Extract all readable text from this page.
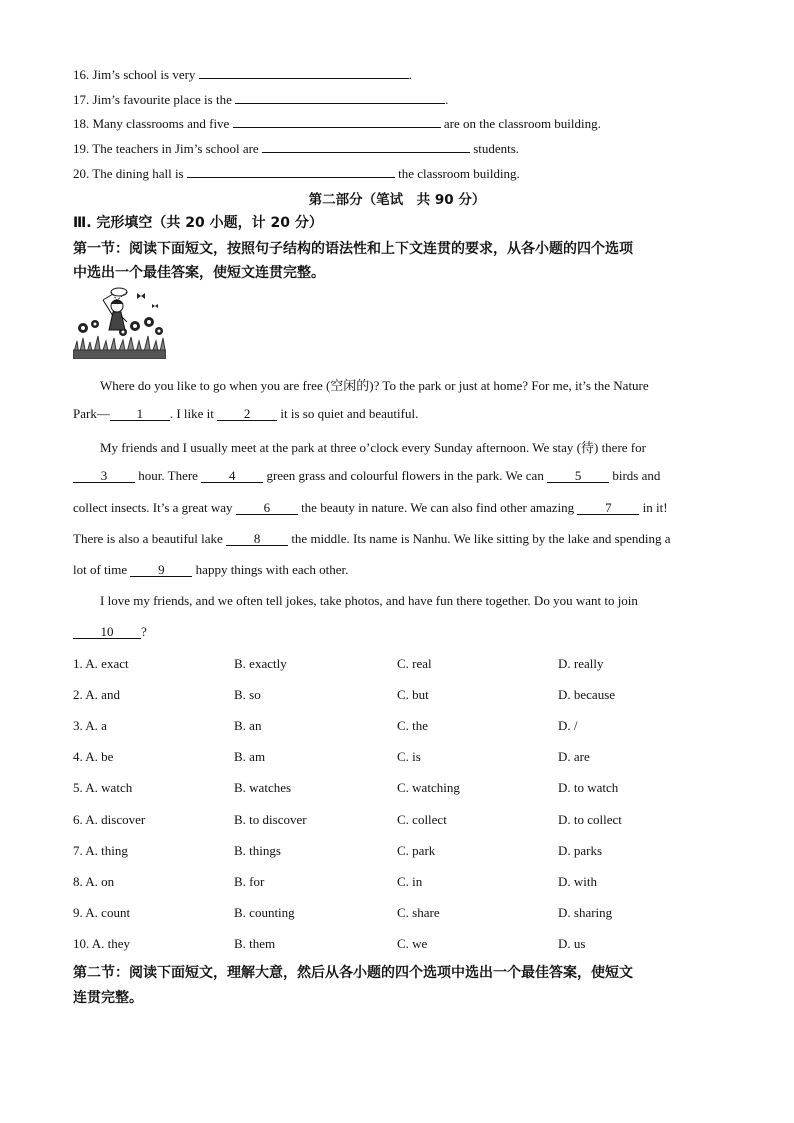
16. Jim’s school is very	.
17. Jim’s favourite place is the	.
18. Many classrooms and five	are on the classroom building.
19. The teachers in Jim’s school are	students.
20. The dining hall is	the classroom building.
第二部分（笔试　共 90 分）
Ⅲ. 完形填空（共 20 小题，计 20 分）
第一节：阅读下面短文，按照句子结构的语法性和上下文连贯的要求，从各小题的四个选项
中选出一个最佳答案，使短文连贯完整。
Where do you like to go when you are free (空闲的)? To the park or just at home? For me, it’s the Nature
Park— 1 . I like it 2 it is so quiet and beautiful.
My friends and I usually meet at the park at three o’clock every Sunday afternoon. We stay (待) there for
3 hour. There 4 green grass and colourful flowers in the park. We can 5 birds and
collect insects. It’s a great way 6 the beauty in nature. We can also find other amazing 7 in it!
There is also a beautiful lake 8 the middle. Its name is Nanhu. We like sitting by the lake and spending a
lot of time 9 happy things with each other.
I love my friends, and we often tell jokes, take photos, and have fun there together. Do you want to join
10 ?
1. A. exact	B. exactly	C. real	D. really
2. A. and	B. so	C. but	D. because
3. A. a	B. an	C. the	D. /
4. A. be	B. am	C. is	D. are
5. A. watch	B. watches	C. watching	D. to watch
6. A. discover	B. to discover	C. collect	D. to collect
7. A. thing	B. things	C. park	D. parks
8. A. on	B. for	C. in	D. with
9. A. count	B. counting	C. share	D. sharing
10. A. they	B. them	C. we	D. us
第二节：阅读下面短文，理解大意，然后从各小题的四个选项中选出一个最佳答案，使短文
连贯完整。
